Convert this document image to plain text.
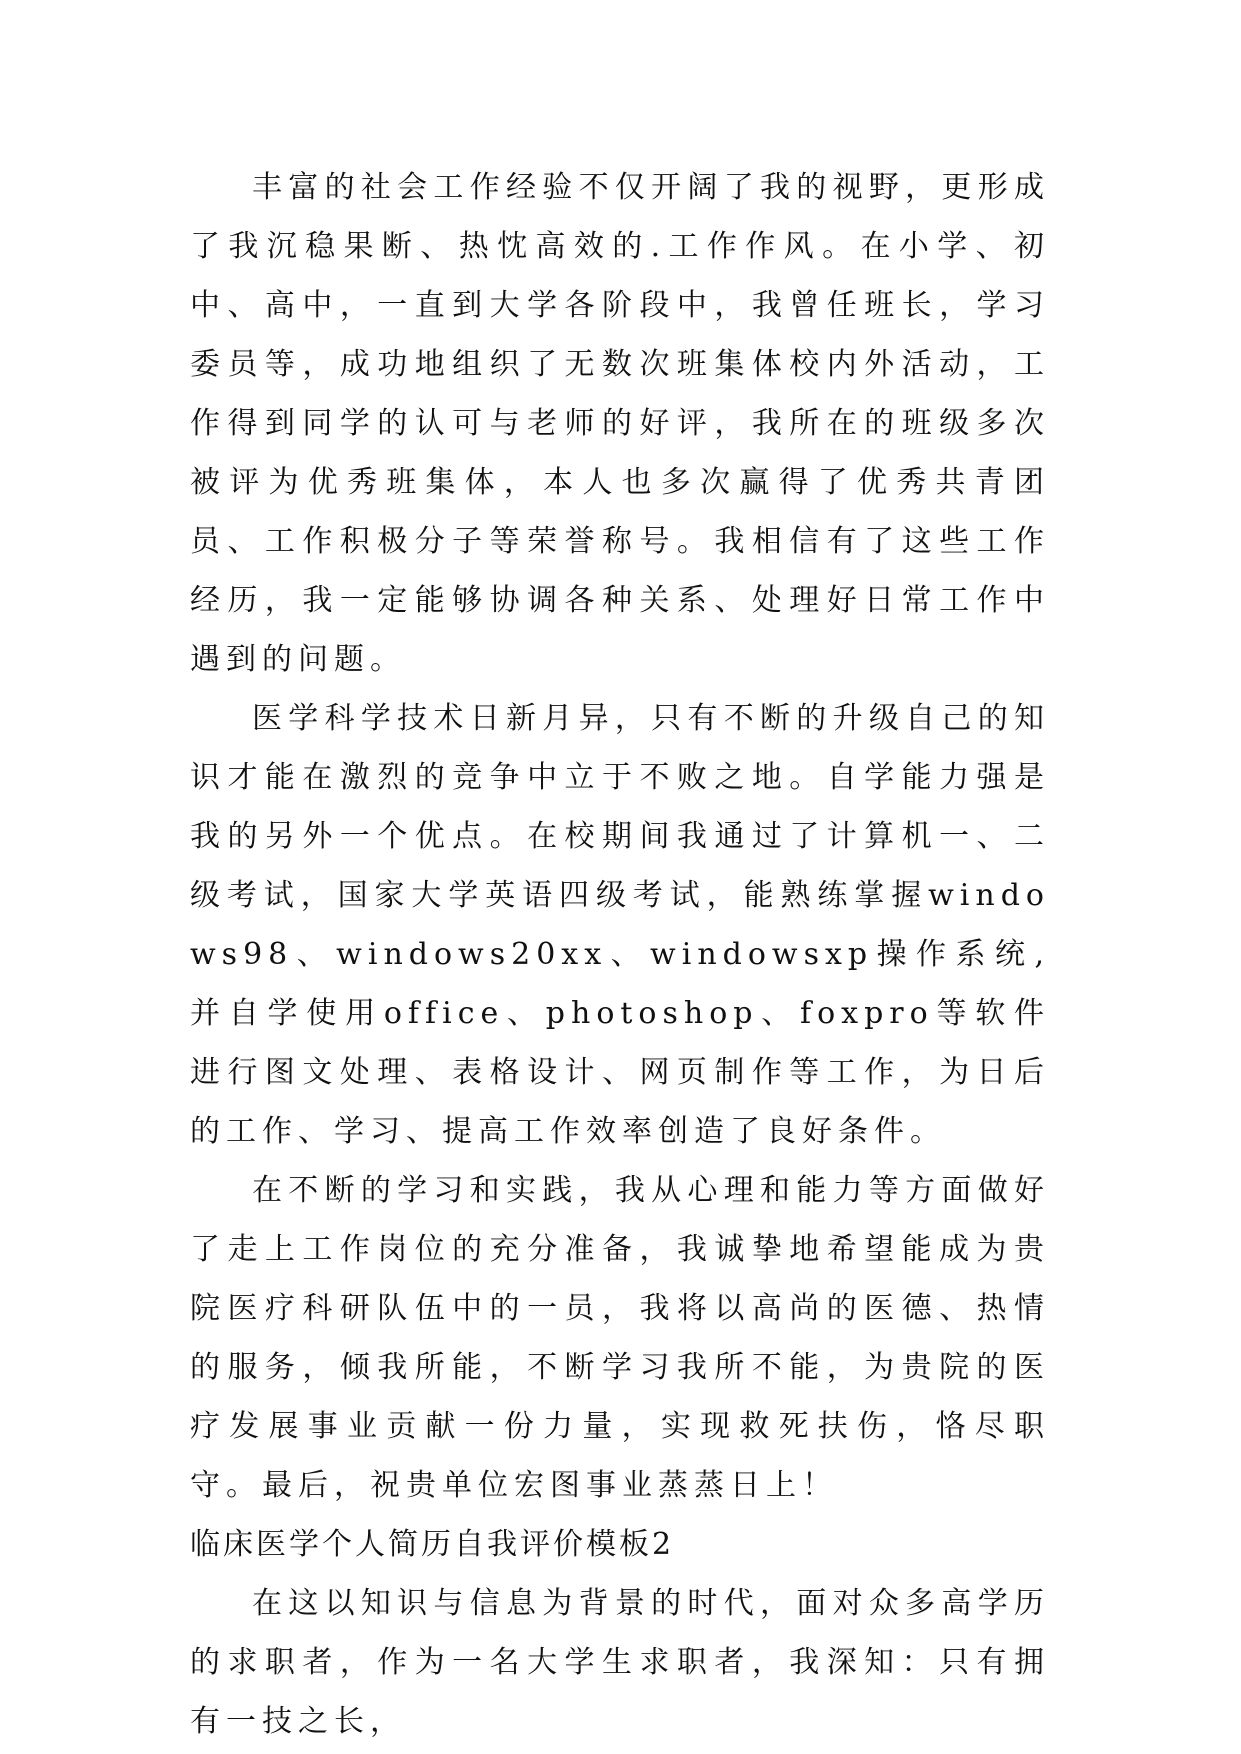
丰富的社会工作经验不仅开阔了我的视野，更形成了我沉稳果断、热忱高效的.工作作风。在小学、初中、高中，一直到大学各阶段中，我曾任班长，学习委员等，成功地组织了无数次班集体校内外活动，工作得到同学的认可与老师的好评，我所在的班级多次被评为优秀班集体，本人也多次赢得了优秀共青团员、工作积极分子等荣誉称号。我相信有了这些工作经历，我一定能够协调各种关系、处理好日常工作中遇到的问题。

医学科学技术日新月异，只有不断的升级自己的知识才能在激烈的竞争中立于不败之地。自学能力强是我的另外一个优点。在校期间我通过了计算机一、二级考试，国家大学英语四级考试，能熟练掌握windows98、windows20xx、windowsxp操作系统,并自学使用office、photoshop、foxpro等软件进行图文处理、表格设计、网页制作等工作，为日后的工作、学习、提高工作效率创造了良好条件。

在不断的学习和实践，我从心理和能力等方面做好了走上工作岗位的充分准备，我诚挚地希望能成为贵院医疗科研队伍中的一员，我将以高尚的医德、热情的服务，倾我所能，不断学习我所不能，为贵院的医疗发展事业贡献一份力量，实现救死扶伤，恪尽职守。最后，祝贵单位宏图事业蒸蒸日上！

临床医学个人简历自我评价模板2

在这以知识与信息为背景的时代，面对众多高学历的求职者，作为一名大学生求职者，我深知：只有拥有一技之长，
